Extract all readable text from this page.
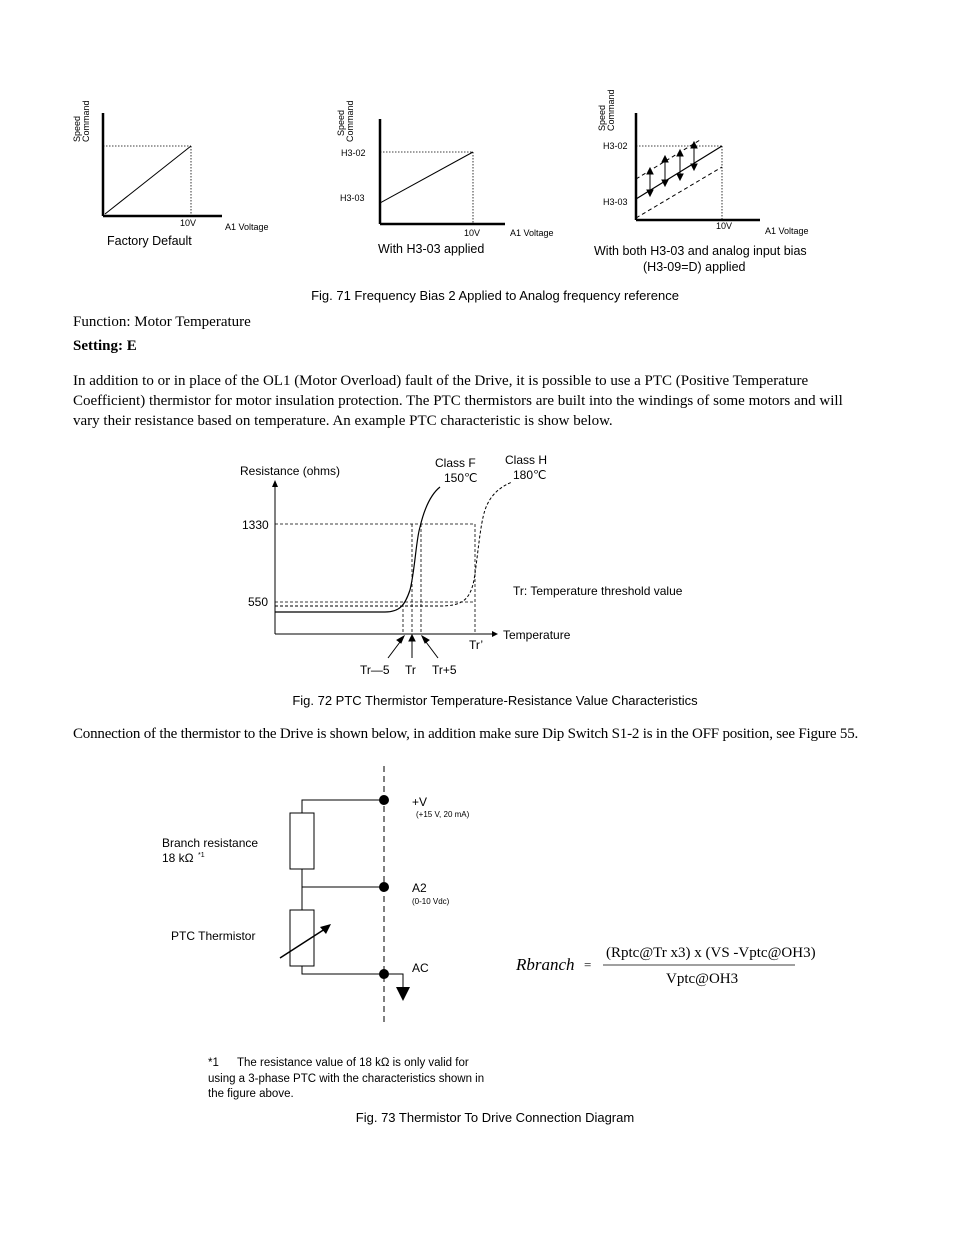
Speed Command
10V	A1 Voltage
Factory Default
Speed Command
H3-02
H3-03
10V	A1 Voltage
With H3-03 applied
Speed Command
H3-02
H3-03
10V	A1 Voltage
With both H3-03 and analog input bias
(H3-09=D) applied
Fig. 71 Frequency Bias 2 Applied to Analog frequency reference

Function: Motor Temperature

Setting: E

In addition to or in place of the OL1 (Motor Overload) fault of the Drive, it is possible to use a PTC (Positive Temperature Coefficient) thermistor for motor insulation protection. The PTC thermistors are built into the windings of some motors and will vary their resistance based on temperature. An example PTC characteristic is show below.

Resistance (ohms)
Class F
150℃
Class H
180℃
1330
550
Tr: Temperature threshold value
Temperature
Tr’
Tr—5 Tr Tr+5
Fig. 72 PTC Thermistor Temperature-Resistance Value Characteristics

Connection of the thermistor to the Drive is shown below, in addition make sure Dip Switch S1-2 is in the OFF position, see Figure 55.

+V
(+15 V, 20 mA)
A2
(0-10 Vdc)
AC
Branch resistance
18 kΩ *1
PTC Thermistor
*1 The resistance value of 18 kΩ is only valid for
using a 3-phase PTC with the characteristics shown in
the figure above.
Rbranch =
(Rptc@Tr x3) x (VS -Vptc@OH3)
Vptc@OH3
Fig. 73 Thermistor To Drive Connection Diagram
